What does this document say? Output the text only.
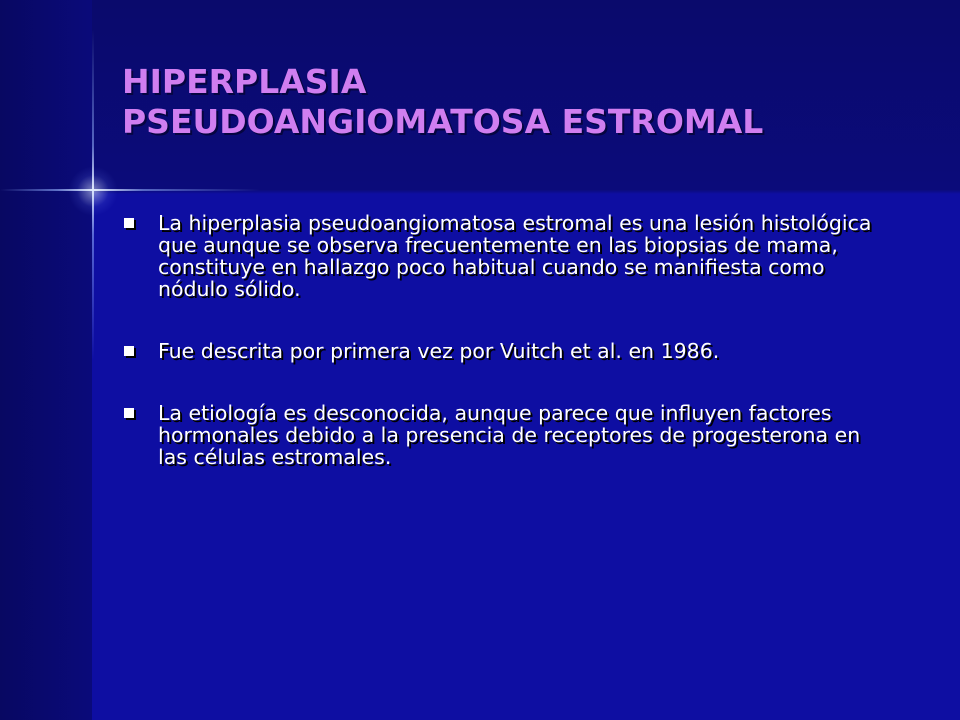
HIPERPLASIA
PSEUDOANGIOMATOSA ESTROMAL
La hiperplasia pseudoangiomatosa estromal es una lesión histológica que aunque se observa frecuentemente en las biopsias de mama, constituye en hallazgo poco habitual cuando se manifiesta como nódulo sólido.
Fue descrita por primera vez por Vuitch et al. en 1986.
La etiología es desconocida, aunque parece que influyen factores hormonales debido a la presencia de receptores de progesterona en las células estromales.
